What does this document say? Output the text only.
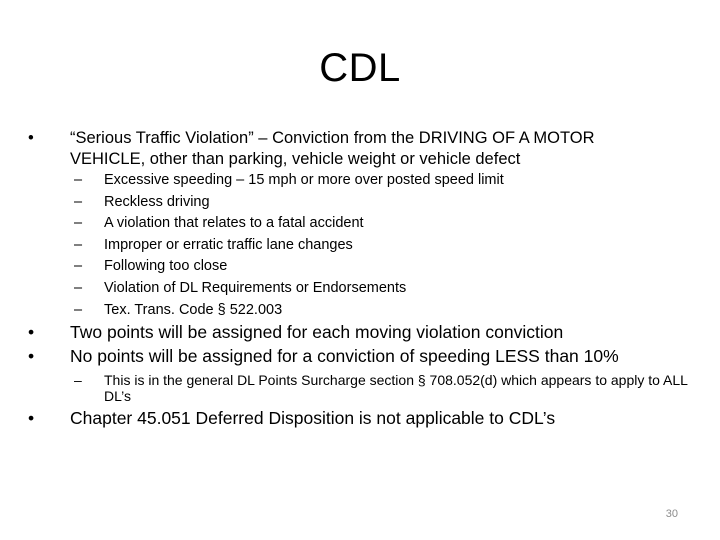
CDL
• “Serious Traffic Violation” – Conviction from the DRIVING OF A MOTOR VEHICLE, other than parking, vehicle weight or vehicle defect
– Excessive speeding – 15 mph or more over posted speed limit
– Reckless driving
– A violation that relates to a fatal accident
– Improper or erratic traffic lane changes
– Following too close
– Violation of DL Requirements or Endorsements
– Tex. Trans. Code § 522.003
• Two points will be assigned for each moving violation conviction
• No points will be assigned for a conviction of speeding LESS than 10%
– This is in the general DL Points Surcharge section § 708.052(d) which appears to apply to ALL DL’s
• Chapter 45.051 Deferred Disposition is not applicable to CDL’s
30
